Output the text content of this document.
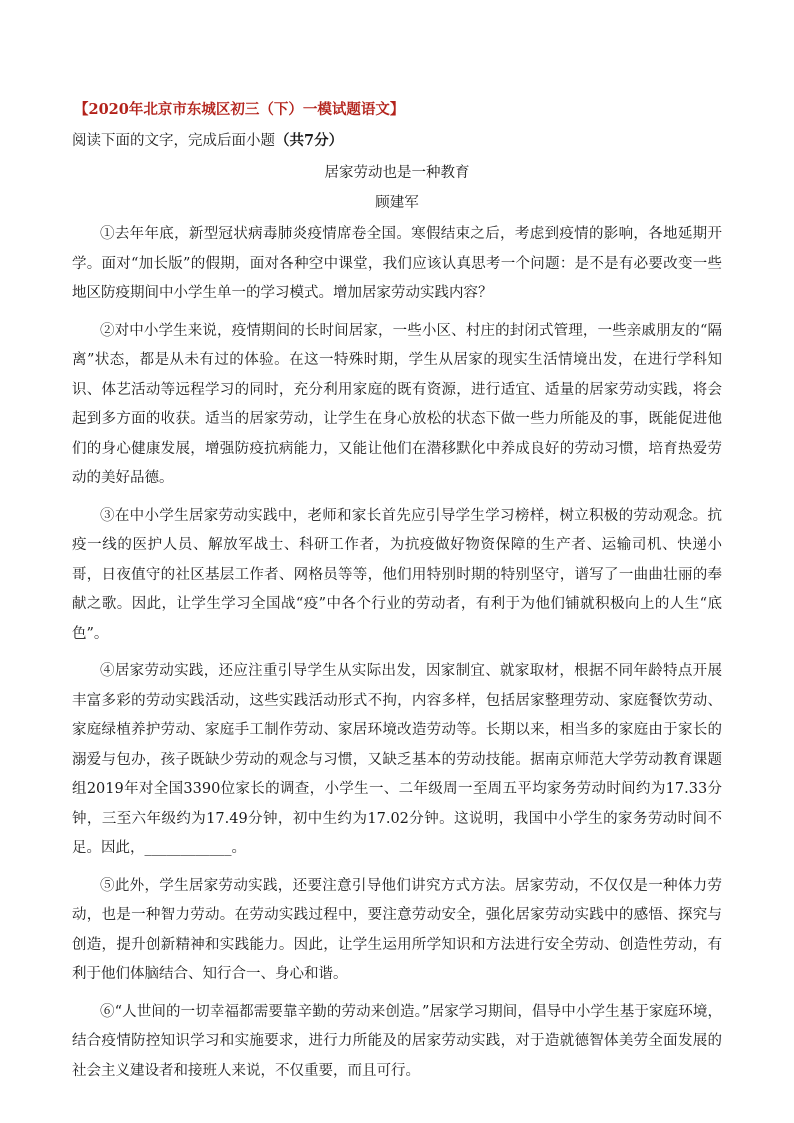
【2020年北京市东城区初三（下）一模试题语文】
阅读下面的文字，完成后面小题（共7分）
居家劳动也是一种教育
顾建军

①去年年底，新型冠状病毒肺炎疫情席卷全国。寒假结束之后，考虑到疫情的影响，各地延期开学。面对“加长版”的假期，面对各种空中课堂，我们应该认真思考一个问题：是不是有必要改变一些地区防疫期间中小学生单一的学习模式。增加居家劳动实践内容？

②对中小学生来说，疫情期间的长时间居家，一些小区、村庄的封闭式管理，一些亲戚朋友的“隔离”状态，都是从未有过的体验。在这一特殊时期，学生从居家的现实生活情境出发，在进行学科知识、体艺活动等远程学习的同时，充分利用家庭的既有资源，进行适宜、适量的居家劳动实践，将会起到多方面的收获。适当的居家劳动，让学生在身心放松的状态下做一些力所能及的事，既能促进他们的身心健康发展，增强防疫抗病能力，又能让他们在潜移默化中养成良好的劳动习惯，培育热爱劳动的美好品德。

③在中小学生居家劳动实践中，老师和家长首先应引导学生学习榜样，树立积极的劳动观念。抗疫一线的医护人员、解放军战士、科研工作者，为抗疫做好物资保障的生产者、运输司机、快递小哥，日夜值守的社区基层工作者、网格员等等，他们用特别时期的特别坚守，谱写了一曲曲壮丽的奉献之歌。因此，让学生学习全国战“疫”中各个行业的劳动者，有利于为他们铺就积极向上的人生“底色”。

④居家劳动实践，还应注重引导学生从实际出发，因家制宜、就家取材，根据不同年龄特点开展丰富多彩的劳动实践活动，这些实践活动形式不拘，内容多样，包括居家整理劳动、家庭餐饮劳动、家庭绿植养护劳动、家庭手工制作劳动、家居环境改造劳动等。长期以来，相当多的家庭由于家长的溺爱与包办，孩子既缺少劳动的观念与习惯，又缺乏基本的劳动技能。据南京师范大学劳动教育课题组2019年对全国3390位家长的调查，小学生一、二年级周一至周五平均家务劳动时间约为17.33分钟，三至六年级约为17.49分钟，初中生约为17.02分钟。这说明，我国中小学生的家务劳动时间不足。因此，____________。

⑤此外，学生居家劳动实践，还要注意引导他们讲究方式方法。居家劳动，不仅仅是一种体力劳动，也是一种智力劳动。在劳动实践过程中，要注意劳动安全，强化居家劳动实践中的感悟、探究与创造，提升创新精神和实践能力。因此，让学生运用所学知识和方法进行安全劳动、创造性劳动，有利于他们体脑结合、知行合一、身心和谐。

⑥“人世间的一切幸福都需要靠辛勤的劳动来创造。”居家学习期间，倡导中小学生基于家庭环境，结合疫情防控知识学习和实施要求，进行力所能及的居家劳动实践，对于造就德智体美劳全面发展的社会主义建设者和接班人来说，不仅重要，而且可行。
